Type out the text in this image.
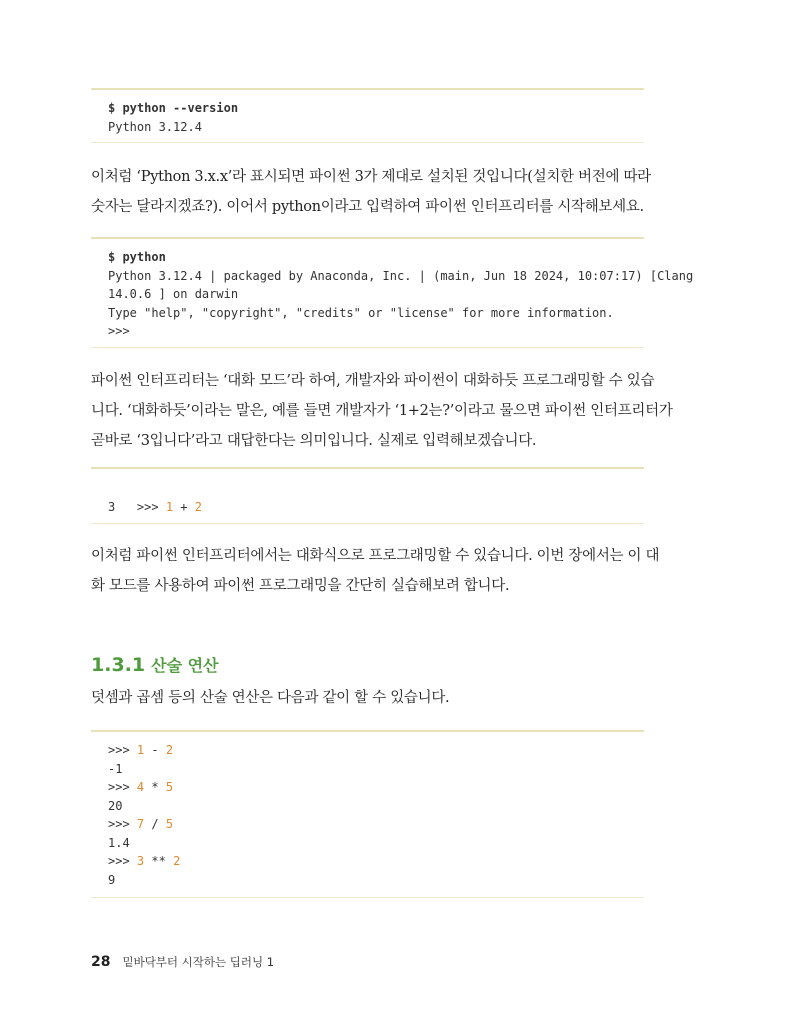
$ python --version
Python 3.12.4

이처럼 ‘Python 3.x.x’라 표시되면 파이썬 3가 제대로 설치된 것입니다(설치한 버전에 따라

숫자는 달라지겠죠?). 이어서 python이라고 입력하여 파이썬 인터프리터를 시작해보세요.

$ python
Python 3.12.4 | packaged by Anaconda, Inc. | (main, Jun 18 2024, 10:07:17) [Clang
14.0.6 ] on darwin
Type "help", "copyright", "credits" or "license" for more information.
>>>

파이썬 인터프리터는 ‘대화 모드’라 하여, 개발자와 파이썬이 대화하듯 프로그래밍할 수 있습

니다. ‘대화하듯’이라는 말은, 예를 들면 개발자가 ‘1+2는?’이라고 물으면 파이썬 인터프리터가

곧바로 ‘3입니다’라고 대답한다는 의미입니다. 실제로 입력해보겠습니다.

>>> 1 + 2

3

이처럼 파이썬 인터프리터에서는 대화식으로 프로그래밍할 수 있습니다. 이번 장에서는 이 대

화 모드를 사용하여 파이썬 프로그래밍을 간단히 실습해보려 합니다.

1.3.1 산술 연산

덧셈과 곱셈 등의 산술 연산은 다음과 같이 할 수 있습니다.

>>> 1 - 2
-1
>>> 4 * 5
20
>>> 7 / 5
1.4
>>> 3 ** 2
9
28 밑바닥부터 시작하는 딥러닝 1
